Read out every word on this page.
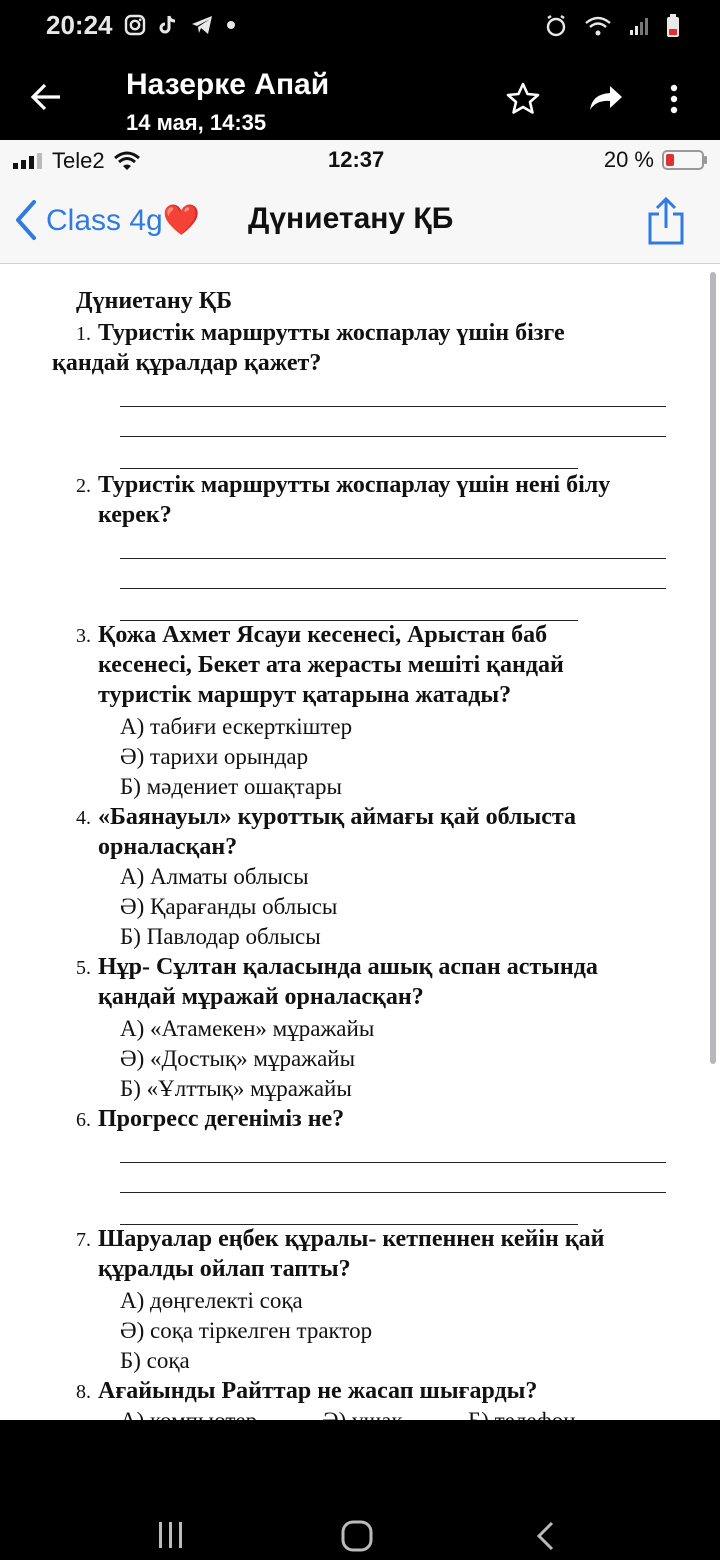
20:24
Назерке Апай
14 мая, 14:35
Tele2	12:37	20 %
Class 4g❤️ Дүниетану ҚБ
Дүниетану ҚБ
1. Туристік маршрутты жоспарлау үшін бізге
қандай құралдар қажет?
2. Туристік маршрутты жоспарлау үшін нені білу
керек?
3. Қожа Ахмет Ясауи кесенесі, Арыстан баб
кесенесі, Бекет ата жерасты мешіті қандай
туристік маршрут қатарына жатады?
А) табиғи ескерткіштер
Ә) тарихи орындар
Б) мәдениет ошақтары
4. «Баянауыл» куроттық аймағы қай облыста
орналасқан?
А) Алматы облысы
Ә) Қарағанды облысы
Б) Павлодар облысы
5. Нұр- Сұлтан қаласында ашық аспан астында
қандай мұражай орналасқан?
А) «Атамекен» мұражайы
Ә) «Достық» мұражайы
Б) «Ұлттық» мұражайы
6. Прогресс дегеніміз не?
7. Шаруалар еңбек құралы- кетпеннен кейін қай
құралды ойлап тапты?
А) дөңгелекті соқа
Ә) соқа тіркелген трактор
Б) соқа
8. Ағайынды Райттар не жасап шығарды?
